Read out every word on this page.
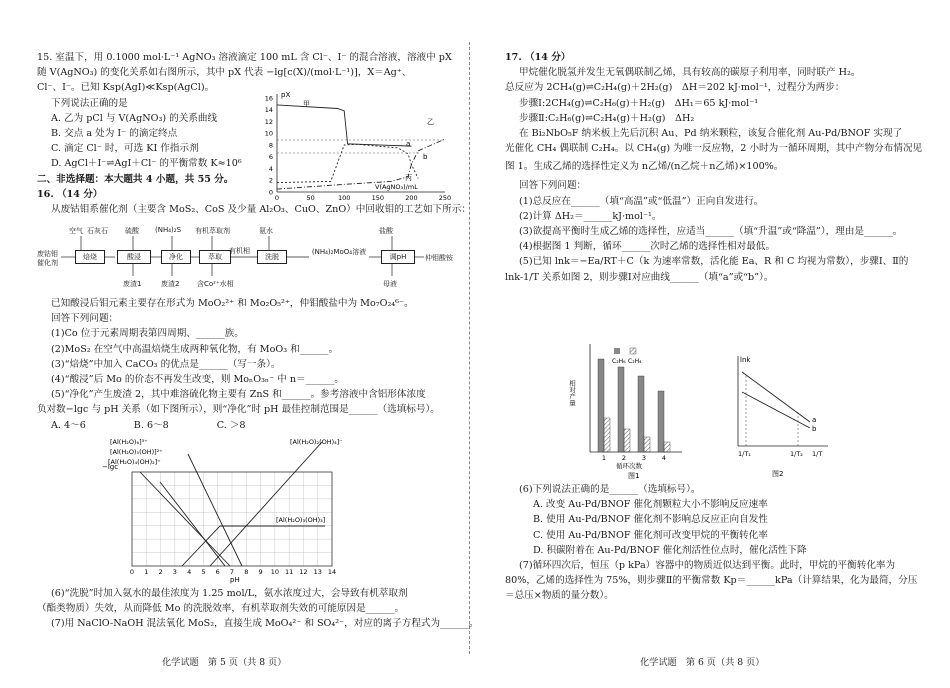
15. 室温下，用 0.1000 mol·L⁻¹ AgNO₃ 溶液滴定 100 mL 含 Cl⁻、I⁻ 的混合溶液，溶液中 pX

随 V(AgNO₃) 的变化关系如右图所示，其中 pX 代表 −lg[c(X)/(mol·L⁻¹)]，X＝Ag⁺、

Cl⁻、I⁻。已知 Ksp(AgI)≪Ksp(AgCl)。

下列说法正确的是

A. 乙为 pCl 与 V(AgNO₃) 的关系曲线

B. 交点 a 处为 I⁻ 的滴定终点

C. 滴定 Cl⁻ 时，可选 KI 作指示剂

D. AgCl＋I⁻⇌AgI＋Cl⁻ 的平衡常数 K≈10⁶

二、非选择题：本大题共 4 小题，共 55 分。

16. （14 分）

从废钴钼系催化剂（主要含 MoS₂、CoS 及少量 Al₂O₃、CuO、ZnO）中回收钼的工艺如下所示：

pX
V(AgNO₃)/mL
16
14
12
10
8
6
4
2
0
0	50	100	150	200	250
甲
乙
丙
a
b
废钴钼催化剂
空气 石灰石 硫酸 (NH₄)₂S 有机萃取剂	氨水	盐酸
焙烧	酸浸	净化	萃取
有机相
洗脱
(NH₄)₂MoO₄溶液
调pH	仲钼酸铵
废渣1	废渣2	含Co²⁺水相	母液

已知酸浸后钼元素主要存在形式为 MoO₂²⁺ 和 Mo₂O₅²⁺，仲钼酸盐中为 Mo₇O₂₄⁶⁻。

回答下列问题：

(1)Co 位于元素周期表第四周期、______族。

(2)MoS₂ 在空气中高温焙烧生成两种氧化物，有 MoO₃ 和______。

(3)“焙烧”中加入 CaCO₃ 的优点是______（写一条）。

(4)“酸浸”后 Mo 的价态不再发生改变，则 MoₙO₃ₙ⁻ 中 n＝______。

(5)“净化”产生废渣 2，其中难溶硫化物主要有 ZnS 和______。参考溶液中含铝形体浓度

负对数−lgc 与 pH 关系（如下图所示），则“净化”时 pH 最佳控制范围是______（选填标号）。

A. 4～6　　　　　B. 6～8　　　　　C. ＞8

0 1 2 3 4 5 6 7 8 9 10 11 12 13 14
−lgc
pH
[Al(H₂O)₆]³⁺
[Al(H₂O)₅(OH)]²⁺
[Al(H₂O)₄(OH)₂]⁺
[Al(H₂O)₂(OH)₄]⁻
[Al(H₂O)₃(OH)₃]

(6)“洗脱”时加入氨水的最佳浓度为 1.25 mol/L，氨水浓度过大，会导致有机萃取剂

（酯类物质）失效，从而降低 Mo 的洗脱效率，有机萃取剂失效的可能原因是______。

(7)用 NaClO-NaOH 混法氧化 MoS₂，直接生成 MoO₄²⁻ 和 SO₄²⁻，对应的离子方程式为______。

化学试题　第 5 页（共 8 页）

17. （14 分）

甲烷催化脱氢并发生无氧偶联制乙烯，具有较高的碳原子利用率，同时联产 H₂。

总反应为 2CH₄(g)⇌C₂H₄(g)＋2H₂(g)　ΔH＝202 kJ·mol⁻¹，过程分为两步：

步骤Ⅰ:2CH₄(g)⇌C₂H₆(g)＋H₂(g)　ΔH₁＝65 kJ·mol⁻¹

步骤Ⅱ:C₂H₆(g)⇌C₂H₄(g)＋H₂(g)　ΔH₂

在 Bi₂NbO₅F 纳米板上先后沉积 Au、Pd 纳米颗粒，该复合催化剂 Au-Pd/BNOF 实现了

光催化 CH₄ 偶联制 C₂H₄。以 CH₄(g) 为唯一反应物，2 小时为一循环周期，其中产物分布情况见

图 1。生成乙烯的选择性定义为 n乙烯/(n乙烷＋n乙烯)×100%。

回答下列问题：

(1)总反应在______（填“高温”或“低温”）正向自发进行。

(2)计算 ΔH₂＝______kJ·mol⁻¹。

(3)欲提高平衡时生成乙烯的选择性，应适当______（填“升温”或“降温”），理由是______。

(4)根据图 1 判断，循环______次时乙烯的选择性相对最低。

(5)已知 lnk＝−Ea/RT＋C（k 为速率常数，活化能 Ea、R 和 C 均视为常数），步骤Ⅰ、Ⅱ的

lnk-1/T 关系如图 2，则步骤Ⅰ对应曲线______（填“a”或“b”）。

相对产量
C₂H₆ C₂H₄
1 2 3 4
循环次数
图1
lnk
a
b
1/T₁	1/T₂ 1/T
图2

(6)下列说法正确的是______（选填标号）。

A. 改变 Au-Pd/BNOF 催化剂颗粒大小不影响反应速率

B. 使用 Au-Pd/BNOF 催化剂不影响总反应正向自发性

C. 使用 Au-Pd/BNOF 催化剂可改变甲烷的平衡转化率

D. 积碳附着在 Au-Pd/BNOF 催化剂活性位点时，催化活性下降

(7)循环四次后，恒压（p kPa）容器中的物质近似达到平衡。此时，甲烷的平衡转化率为

80%，乙烯的选择性为 75%，则步骤Ⅱ的平衡常数 Kp＝______kPa（计算结果，化为最简，分压

＝总压×物质的量分数）。

化学试题　第 6 页（共 8 页）
